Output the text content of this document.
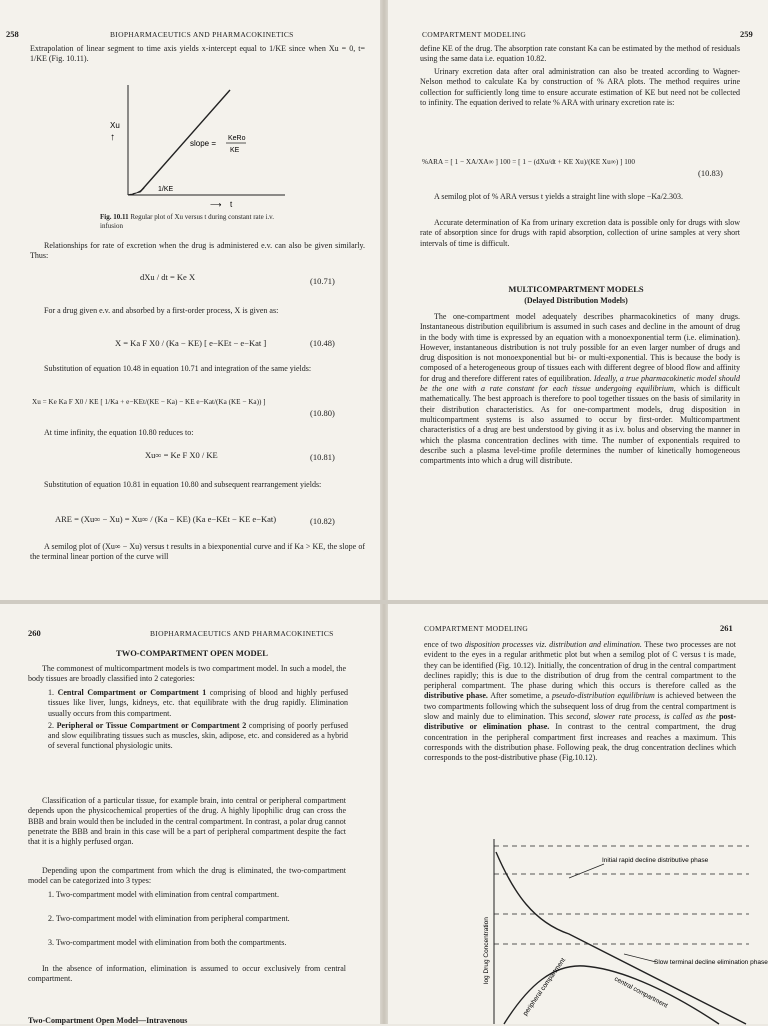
258	BIOPHARMACEUTICS AND PHARMACOKINETICS

Extrapolation of linear segment to time axis yields x-intercept equal to 1/KE since when Xu = 0, t= 1/KE (Fig. 10.11).

Xu
↑
slope =
KeRo
KE
1/KE
⟶ t
Fig. 10.11 Regular plot of Xu versus t during constant rate i.v. infusion

Relationships for rate of excretion when the drug is administered e.v. can also be given similarly. Thus:

dXu / dt = Ke X	(10.71)

For a drug given e.v. and absorbed by a first-order process, X is given as:

X = Ka F X0 / (Ka − KE) [ e−KEt − e−Kat ]	(10.48)

Substitution of equation 10.48 in equation 10.71 and integration of the same yields:

Xu = Ke Ka F X0 / KE [ 1/Ka + e−KEt/(KE − Ka) − KE e−Kat/(Ka (KE − Ka)) ]
(10.80)

At time infinity, the equation 10.80 reduces to:

Xu∞ = Ke F X0 / KE	(10.81)

Substitution of equation 10.81 in equation 10.80 and subsequent rearrangement yields:

ARE = (Xu∞ − Xu) = Xu∞ / (Ka − KE) (Ka e−KEt − KE e−Kat)	(10.82)

A semilog plot of (Xu∞ − Xu) versus t results in a biexponential curve and if Ka > KE, the slope of the terminal linear portion of the curve will

COMPARTMENT MODELING	259

define KE of the drug. The absorption rate constant Ka can be estimated by the method of residuals using the same data i.e. equation 10.82.

Urinary excretion data after oral administration can also be treated according to Wagner-Nelson method to calculate Ka by construction of % ARA plots. The method requires urine collection for sufficiently long time to ensure accurate estimation of KE but need not be collected to infinity. The equation derived to relate % ARA with urinary excretion rate is:

%ARA = [ 1 − XA/XA∞ ] 100 = [ 1 − (dXu/dt + KE Xu)/(KE Xu∞) ] 100
(10.83)

A semilog plot of % ARA versus t yields a straight line with slope −Ka/2.303.

Accurate determination of Ka from urinary excretion data is possible only for drugs with slow rate of absorption since for drugs with rapid absorption, collection of urine samples at very short intervals of time is difficult.

MULTICOMPARTMENT MODELS
(Delayed Distribution Models)

The one-compartment model adequately describes pharmacokinetics of many drugs. Instantaneous distribution equilibrium is assumed in such cases and decline in the amount of drug in the body with time is expressed by an equation with a monoexponential term (i.e. elimination). However, instantaneous distribution is not truly possible for an even larger number of drugs and drug disposition is not monoexponential but bi- or multi-exponential. This is because the body is composed of a heterogeneous group of tissues each with different degree of blood flow and affinity for drug and therefore different rates of equilibration. Ideally, a true pharmacokinetic model should be the one with a rate constant for each tissue undergoing equilibrium, which is difficult mathematically. The best approach is therefore to pool together tissues on the basis of similarity in their distribution characteristics. As for one-compartment models, drug disposition in multicompartment systems is also assumed to occur by first-order. Multicompartment characteristics of a drug are best understood by giving it as i.v. bolus and observing the manner in which the plasma concentration declines with time. The number of exponentials required to describe such a plasma level-time profile determines the number of kinetically homogeneous compartments into which a drug will distribute.

260	BIOPHARMACEUTICS AND PHARMACOKINETICS
TWO-COMPARTMENT OPEN MODEL

The commonest of multicompartment models is two compartment model. In such a model, the body tissues are broadly classified into 2 categories:

1. Central Compartment or Compartment 1 comprising of blood and highly perfused tissues like liver, lungs, kidneys, etc. that equilibrate with the drug rapidly. Elimination usually occurs from this compartment.
2. Peripheral or Tissue Compartment or Compartment 2 comprising of poorly perfused and slow equilibrating tissues such as muscles, skin, adipose, etc. and considered as a hybrid of several functional physiologic units.

Classification of a particular tissue, for example brain, into central or peripheral compartment depends upon the physicochemical properties of the drug. A highly lipophilic drug can cross the BBB and brain would then be included in the central compartment. In contrast, a polar drug cannot penetrate the BBB and brain in this case will be a part of peripheral compartment despite the fact that it is a highly perfused organ.

Depending upon the compartment from which the drug is eliminated, the two-compartment model can be categorized into 3 types:

1. Two-compartment model with elimination from central compartment.

2. Two-compartment model with elimination from peripheral compartment.

3. Two-compartment model with elimination from both the compartments.

In the absence of information, elimination is assumed to occur exclusively from central compartment.

Two-Compartment Open Model—Intravenous

COMPARTMENT MODELING	261

ence of two disposition processes viz. distribution and elimination. These two processes are not evident to the eyes in a regular arithmetic plot but when a semilog plot of C versus t is made, they can be identified (Fig. 10.12). Initially, the concentration of drug in the central compartment declines rapidly; this is due to the distribution of drug from the central compartment to the peripheral compartment. The phase during which this occurs is therefore called as the distributive phase. After sometime, a pseudo-distribution equilibrium is achieved between the two compartments following which the subsequent loss of drug from the central compartment is slow and mainly due to elimination. This second, slower rate process, is called as the post-distributive or elimination phase. In contrast to the central compartment, the drug concentration in the peripheral compartment first increases and reaches a maximum. This corresponds with the distribution phase. Following peak, the drug concentration declines which corresponds to the post-distributive phase (Fig.10.12).

Initial rapid decline distributive phase
Slow terminal decline elimination phase
central compartment
peripheral compartment
log Drug Concentration
